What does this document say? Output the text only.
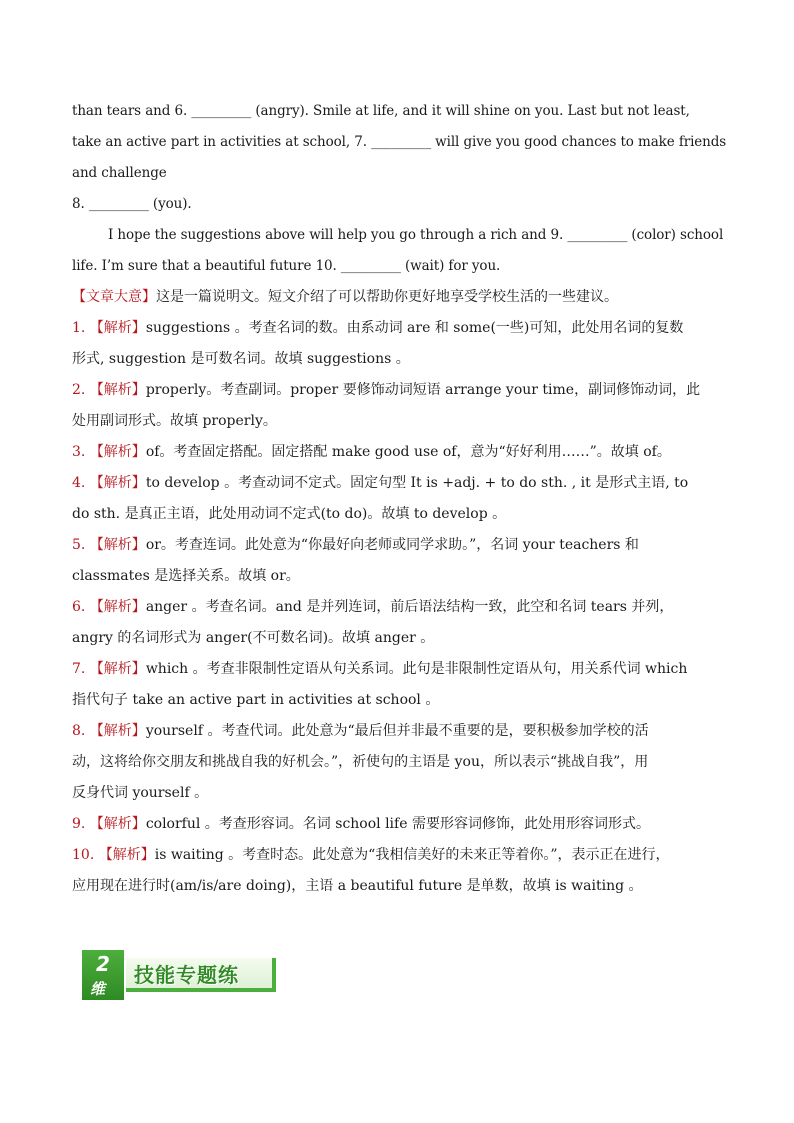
than tears and 6. _________ (angry). Smile at life, and it will shine on you. Last but not least,
take an active part in activities at school, 7. _________ will give you good chances to make friends
and challenge
8. _________ (you).
I hope the suggestions above will help you go through a rich and 9. _________ (color) school
life. I’m sure that a beautiful future 10. _________ (wait) for you.
【文章大意】这是一篇说明文。短文介绍了可以帮助你更好地享受学校生活的一些建议。
1. 【解析】suggestions 。考查名词的数。由系动词 are 和 some(一些)可知，此处用名词的复数
形式, suggestion 是可数名词。故填 suggestions 。
2. 【解析】properly。考查副词。proper 要修饰动词短语 arrange your time，副词修饰动词，此
处用副词形式。故填 properly。
3. 【解析】of。考查固定搭配。固定搭配 make good use of，意为“好好利用……”。故填 of。
4. 【解析】to develop 。考查动词不定式。固定句型 It is +adj. + to do sth. , it 是形式主语, to
do sth. 是真正主语，此处用动词不定式(to do)。故填 to develop 。
5. 【解析】or。考查连词。此处意为“你最好向老师或同学求助。”，名词 your teachers 和
classmates 是选择关系。故填 or。
6. 【解析】anger 。考查名词。and 是并列连词，前后语法结构一致，此空和名词 tears 并列，
angry 的名词形式为 anger(不可数名词)。故填 anger 。
7. 【解析】which 。考查非限制性定语从句关系词。此句是非限制性定语从句，用关系代词 which
指代句子 take an active part in activities at school 。
8. 【解析】yourself 。考查代词。此处意为“最后但并非最不重要的是，要积极参加学校的活
动，这将给你交朋友和挑战自我的好机会。”，祈使句的主语是 you，所以表示“挑战自我”，用
反身代词 yourself 。
9. 【解析】colorful 。考查形容词。名词 school life 需要形容词修饰，此处用形容词形式。
10. 【解析】is waiting 。考查时态。此处意为“我相信美好的未来正等着你。”，表示正在进行，
应用现在进行时(am/is/are doing)，主语 a beautiful future 是单数，故填 is waiting 。
2
维
技能专题练
